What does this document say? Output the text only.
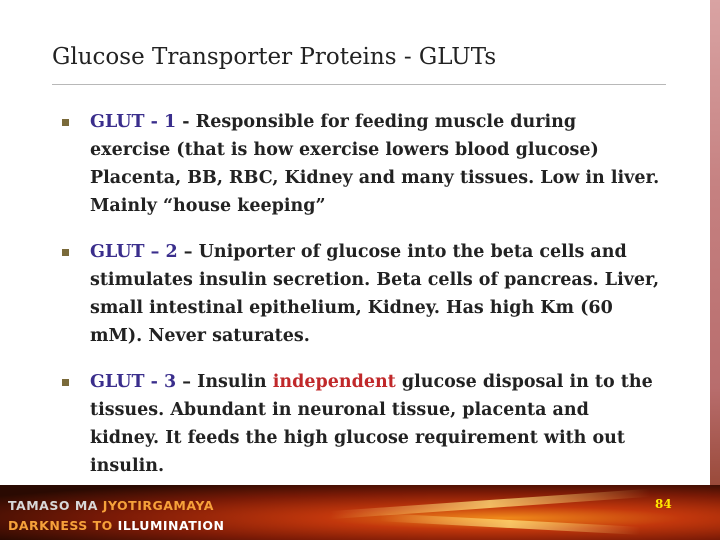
Glucose Transporter Proteins - GLUTs
GLUT - 1 - Responsible for feeding muscle during exercise (that is how exercise lowers blood glucose) Placenta, BB, RBC, Kidney and many tissues. Low in liver. Mainly “house keeping”
GLUT – 2 – Uniporter of glucose into the beta cells and stimulates insulin secretion. Beta cells of pancreas. Liver, small intestinal epithelium, Kidney. Has high Km (60 mM). Never saturates.
GLUT - 3 – Insulin independent glucose disposal in to the tissues. Abundant in neuronal tissue, placenta and kidney. It feeds the high glucose requirement with out insulin.
TAMASO MA JYOTIRGAMAYA
DARKNESS TO ILLUMINATION
84
